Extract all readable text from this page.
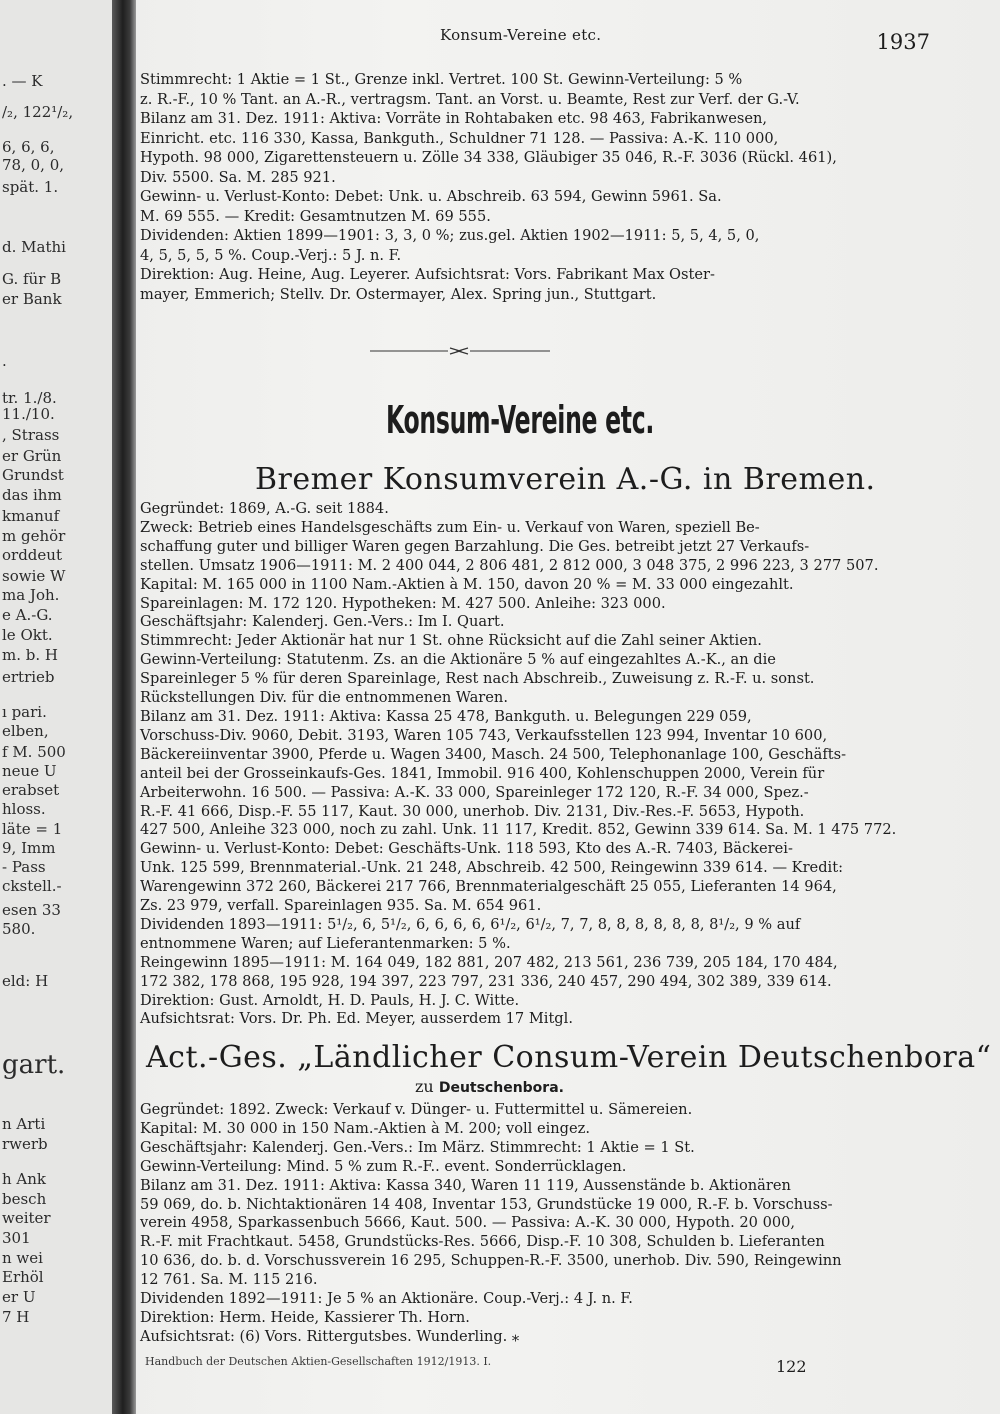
. — K
/₂, 122¹/₂,
6, 6, 6,
78, 0, 0,
spät. 1.
d. Mathi
G. für B
er Bank
.
tr. 1./8.
11./10.
, Strass
er Grün
Grundst
das ihm
kmanuf
m gehör
orddeut
sowie W
ma Joh.
e A.-G.
le Okt.
m. b. H
ertrieb
ı pari.
elben,
f M. 500
neue U
erabset
hloss.
läte = 1
9, Imm
- Pass
ckstell.-
esen 33
580.
eld: H
gart.
n Arti
rwerb
h Ank
besch
weiter
301
n wei
Erhöl
er U
7 H
Konsum-Vereine etc.	1937
Stimmrecht: 1 Aktie = 1 St., Grenze inkl. Vertret. 100 St. Gewinn-Verteilung: 5 %
z. R.-F., 10 % Tant. an A.-R., vertragsm. Tant. an Vorst. u. Beamte, Rest zur Verf. der G.-V.
Bilanz am 31. Dez. 1911: Aktiva: Vorräte in Rohtabaken etc. 98 463, Fabrikanwesen,
Einricht. etc. 116 330, Kassa, Bankguth., Schuldner 71 128. — Passiva: A.-K. 110 000,
Hypoth. 98 000, Zigarettensteuern u. Zölle 34 338, Gläubiger 35 046, R.-F. 3036 (Rückl. 461),
Div. 5500. Sa. M. 285 921.
Gewinn- u. Verlust-Konto: Debet: Unk. u. Abschreib. 63 594, Gewinn 5961. Sa.
M. 69 555. — Kredit: Gesamtnutzen M. 69 555.
Dividenden: Aktien 1899—1901: 3, 3, 0 %; zus.gel. Aktien 1902—1911: 5, 5, 4, 5, 0,
4, 5, 5, 5, 5 %. Coup.-Verj.: 5 J. n. F.
Direktion: Aug. Heine, Aug. Leyerer. Aufsichtsrat: Vors. Fabrikant Max Oster-
mayer, Emmerich; Stellv. Dr. Ostermayer, Alex. Spring jun., Stuttgart.
Konsum-Vereine etc.
Bremer Konsumverein A.-G. in Bremen.
Gegründet: 1869, A.-G. seit 1884.
Zweck: Betrieb eines Handelsgeschäfts zum Ein- u. Verkauf von Waren, speziell Be-
schaffung guter und billiger Waren gegen Barzahlung. Die Ges. betreibt jetzt 27 Verkaufs-
stellen. Umsatz 1906—1911: M. 2 400 044, 2 806 481, 2 812 000, 3 048 375, 2 996 223, 3 277 507.
Kapital: M. 165 000 in 1100 Nam.-Aktien à M. 150, davon 20 % = M. 33 000 eingezahlt.
Spareinlagen: M. 172 120. Hypotheken: M. 427 500. Anleihe: 323 000.
Geschäftsjahr: Kalenderj. Gen.-Vers.: Im I. Quart.
Stimmrecht: Jeder Aktionär hat nur 1 St. ohne Rücksicht auf die Zahl seiner Aktien.
Gewinn-Verteilung: Statutenm. Zs. an die Aktionäre 5 % auf eingezahltes A.-K., an die
Spareinleger 5 % für deren Spareinlage, Rest nach Abschreib., Zuweisung z. R.-F. u. sonst.
Rückstellungen Div. für die entnommenen Waren.
Bilanz am 31. Dez. 1911: Aktiva: Kassa 25 478, Bankguth. u. Belegungen 229 059,
Vorschuss-Div. 9060, Debit. 3193, Waren 105 743, Verkaufsstellen 123 994, Inventar 10 600,
Bäckereiinventar 3900, Pferde u. Wagen 3400, Masch. 24 500, Telephonanlage 100, Geschäfts-
anteil bei der Grosseinkaufs-Ges. 1841, Immobil. 916 400, Kohlenschuppen 2000, Verein für
Arbeiterwohn. 16 500. — Passiva: A.-K. 33 000, Spareinleger 172 120, R.-F. 34 000, Spez.-
R.-F. 41 666, Disp.-F. 55 117, Kaut. 30 000, unerhob. Div. 2131, Div.-Res.-F. 5653, Hypoth.
427 500, Anleihe 323 000, noch zu zahl. Unk. 11 117, Kredit. 852, Gewinn 339 614. Sa. M. 1 475 772.
Gewinn- u. Verlust-Konto: Debet: Geschäfts-Unk. 118 593, Kto des A.-R. 7403, Bäckerei-
Unk. 125 599, Brennmaterial.-Unk. 21 248, Abschreib. 42 500, Reingewinn 339 614. — Kredit:
Warengewinn 372 260, Bäckerei 217 766, Brennmaterialgeschäft 25 055, Lieferanten 14 964,
Zs. 23 979, verfall. Spareinlagen 935. Sa. M. 654 961.
Dividenden 1893—1911: 5¹/₂, 6, 5¹/₂, 6, 6, 6, 6, 6¹/₂, 6¹/₂, 7, 7, 8, 8, 8, 8, 8, 8, 8¹/₂, 9 % auf
entnommene Waren; auf Lieferantenmarken: 5 %.
Reingewinn 1895—1911: M. 164 049, 182 881, 207 482, 213 561, 236 739, 205 184, 170 484,
172 382, 178 868, 195 928, 194 397, 223 797, 231 336, 240 457, 290 494, 302 389, 339 614.
Direktion: Gust. Arnoldt, H. D. Pauls, H. J. C. Witte.
Aufsichtsrat: Vors. Dr. Ph. Ed. Meyer, ausserdem 17 Mitgl.
Act.-Ges. „Ländlicher Consum-Verein Deutschenbora“
zu Deutschenbora.
Gegründet: 1892. Zweck: Verkauf v. Dünger- u. Futtermittel u. Sämereien.
Kapital: M. 30 000 in 150 Nam.-Aktien à M. 200; voll eingez.
Geschäftsjahr: Kalenderj. Gen.-Vers.: Im März. Stimmrecht: 1 Aktie = 1 St.
Gewinn-Verteilung: Mind. 5 % zum R.-F.. event. Sonderrücklagen.
Bilanz am 31. Dez. 1911: Aktiva: Kassa 340, Waren 11 119, Aussenstände b. Aktionären
59 069, do. b. Nichtaktionären 14 408, Inventar 153, Grundstücke 19 000, R.-F. b. Vorschuss-
verein 4958, Sparkassenbuch 5666, Kaut. 500. — Passiva: A.-K. 30 000, Hypoth. 20 000,
R.-F. mit Frachtkaut. 5458, Grundstücks-Res. 5666, Disp.-F. 10 308, Schulden b. Lieferanten
10 636, do. b. d. Vorschussverein 16 295, Schuppen-R.-F. 3500, unerhob. Div. 590, Reingewinn
12 761. Sa. M. 115 216.
Dividenden 1892—1911: Je 5 % an Aktionäre. Coup.-Verj.: 4 J. n. F.
Direktion: Herm. Heide, Kassierer Th. Horn.
Aufsichtsrat: (6) Vors. Rittergutsbes. Wunderling. ⁎
Handbuch der Deutschen Aktien-Gesellschaften 1912/1913. I.	122
